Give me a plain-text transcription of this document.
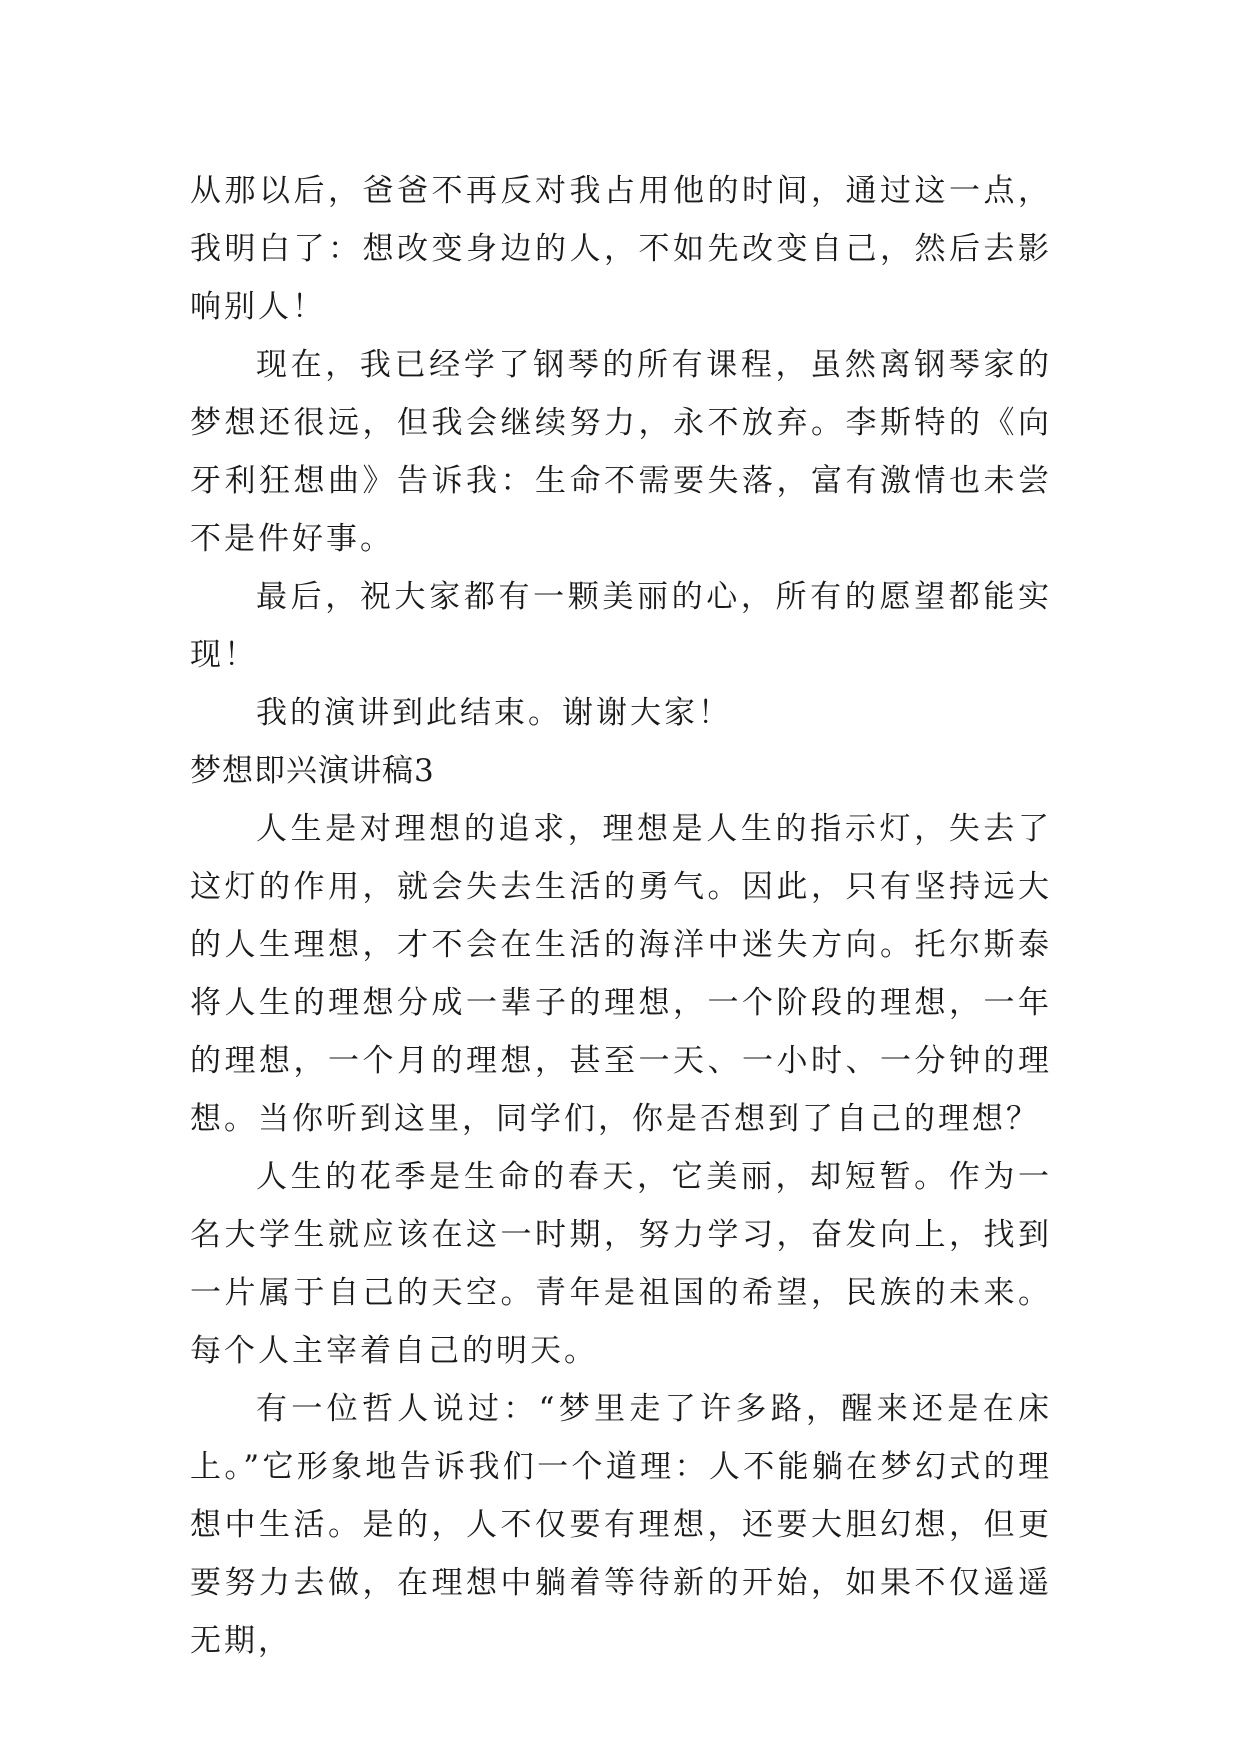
从那以后，爸爸不再反对我占用他的时间，通过这一点，我明白了：想改变身边的人，不如先改变自己，然后去影响别人！

现在，我已经学了钢琴的所有课程，虽然离钢琴家的梦想还很远，但我会继续努力，永不放弃。李斯特的《向牙利狂想曲》告诉我：生命不需要失落，富有激情也未尝不是件好事。

最后，祝大家都有一颗美丽的心，所有的愿望都能实现！

我的演讲到此结束。谢谢大家！

梦想即兴演讲稿3

人生是对理想的追求，理想是人生的指示灯，失去了这灯的作用，就会失去生活的勇气。因此，只有坚持远大的人生理想，才不会在生活的海洋中迷失方向。托尔斯泰将人生的理想分成一辈子的理想，一个阶段的理想，一年的理想，一个月的理想，甚至一天、一小时、一分钟的理想。当你听到这里，同学们，你是否想到了自己的理想？

人生的花季是生命的春天，它美丽，却短暂。作为一名大学生就应该在这一时期，努力学习，奋发向上，找到一片属于自己的天空。青年是祖国的希望，民族的未来。每个人主宰着自己的明天。

有一位哲人说过：“梦里走了许多路，醒来还是在床上。”它形象地告诉我们一个道理：人不能躺在梦幻式的理想中生活。是的，人不仅要有理想，还要大胆幻想，但更要努力去做，在理想中躺着等待新的开始，如果不仅遥遥无期，
